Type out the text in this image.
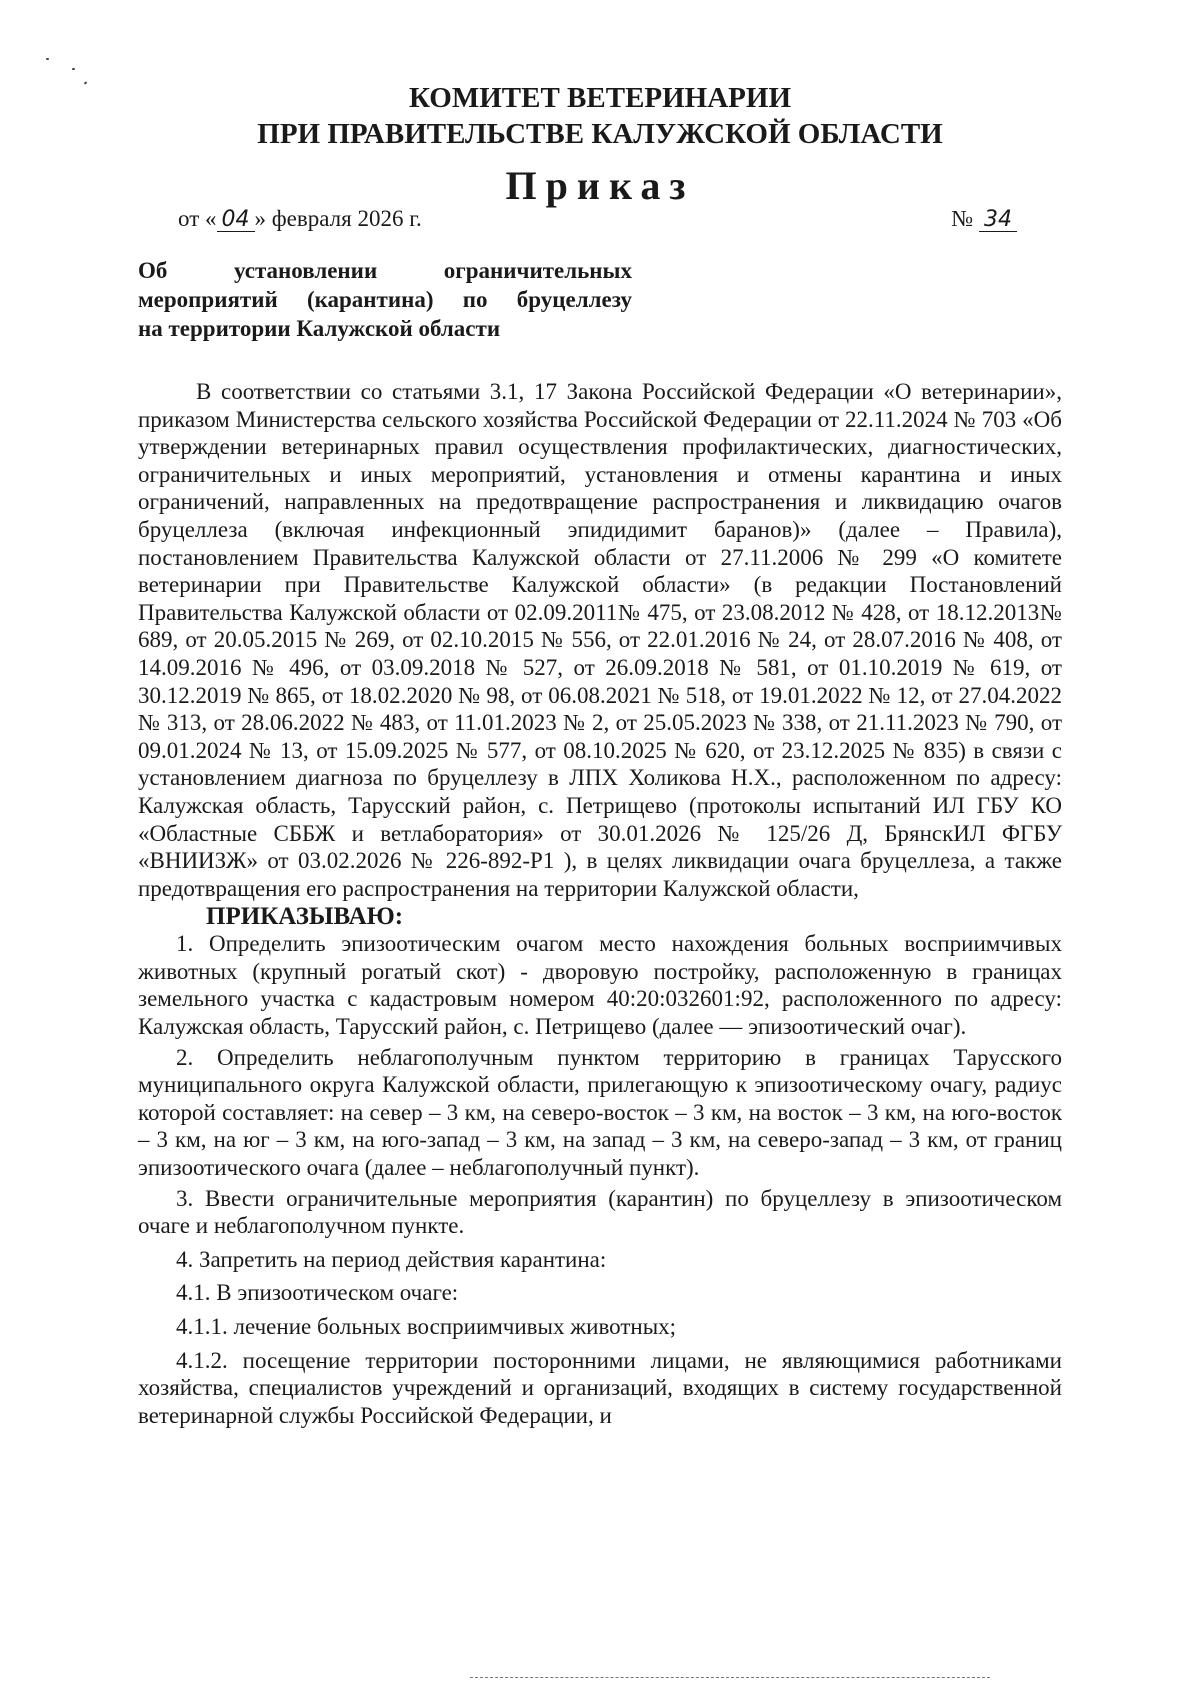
КОМИТЕТ ВЕТЕРИНАРИИ
ПРИ ПРАВИТЕЛЬСТВЕ КАЛУЖСКОЙ ОБЛАСТИ
Приказ
от « 04 » февраля 2026 г.	№ 34
Об установлении ограничительных
мероприятий (карантина) по бруцеллезу
на территории Калужской области

В соответствии со статьями 3.1, 17 Закона Российской Федерации «О ветеринарии», приказом Министерства сельского хозяйства Российской Федерации от 22.11.2024 № 703 «Об утверждении ветеринарных правил осуществления профилактических, диагностических, ограничительных и иных мероприятий, установления и отмены карантина и иных ограничений, направленных на предотвращение распространения и ликвидацию очагов бруцеллеза (включая инфекционный эпидидимит баранов)» (далее – Правила), постановлением Правительства Калужской области от 27.11.2006 № 299 «О комитете ветеринарии при Правительстве Калужской области» (в редакции Постановлений Правительства Калужской области от 02.09.2011№ 475, от 23.08.2012 № 428, от 18.12.2013№ 689, от 20.05.2015 № 269, от 02.10.2015 № 556, от 22.01.2016 № 24, от 28.07.2016 № 408, от 14.09.2016 № 496, от 03.09.2018 № 527, от 26.09.2018 № 581, от 01.10.2019 № 619, от 30.12.2019 № 865, от 18.02.2020 № 98, от 06.08.2021 № 518, от 19.01.2022 № 12, от 27.04.2022 № 313, от 28.06.2022 № 483, от 11.01.2023 № 2, от 25.05.2023 № 338, от 21.11.2023 № 790, от 09.01.2024 № 13, от 15.09.2025 № 577, от 08.10.2025 № 620, от 23.12.2025 № 835) в связи с установлением диагноза по бруцеллезу в ЛПХ Холикова Н.Х., расположенном по адресу: Калужская область, Тарусский район, с. Петрищево (протоколы испытаний ИЛ ГБУ КО «Областные СББЖ и ветлаборатория» от 30.01.2026 № 125/26 Д, БрянскИЛ ФГБУ «ВНИИЗЖ» от 03.02.2026 № 226-892-Р1 ), в целях ликвидации очага бруцеллеза, а также предотвращения его распространения на территории Калужской области,

ПРИКАЗЫВАЮ:

1. Определить эпизоотическим очагом место нахождения больных восприимчивых животных (крупный рогатый скот) - дворовую постройку, расположенную в границах земельного участка с кадастровым номером 40:20:032601:92, расположенного по адресу: Калужская область, Тарусский район, с. Петрищево (далее — эпизоотический очаг).

2. Определить неблагополучным пунктом территорию в границах Тарусского муниципального округа Калужской области, прилегающую к эпизоотическому очагу, радиус которой составляет: на север – 3 км, на северо-восток – 3 км, на восток – 3 км, на юго-восток – 3 км, на юг – 3 км, на юго-запад – 3 км, на запад – 3 км, на северо-запад – 3 км, от границ эпизоотического очага (далее – неблагополучный пункт).

3. Ввести ограничительные мероприятия (карантин) по бруцеллезу в эпизоотическом очаге и неблагополучном пункте.

4. Запретить на период действия карантина:

4.1. В эпизоотическом очаге:

4.1.1. лечение больных восприимчивых животных;

4.1.2. посещение территории посторонними лицами, не являющимися работниками хозяйства, специалистов учреждений и организаций, входящих в систему государственной ветеринарной службы Российской Федерации, и
